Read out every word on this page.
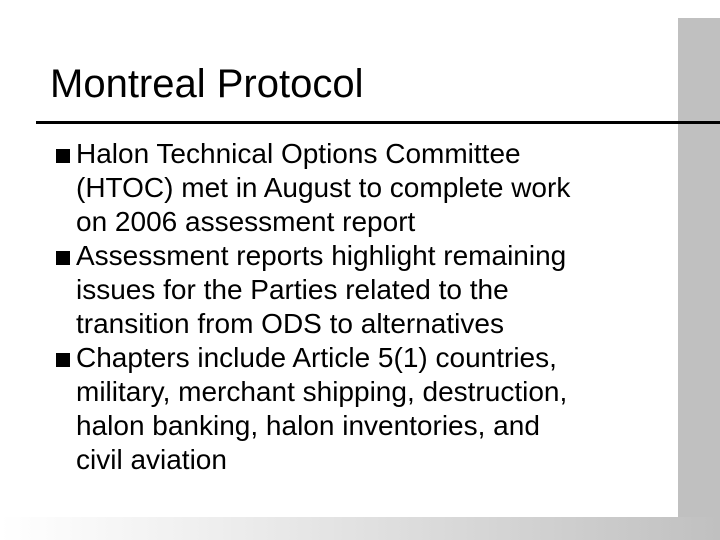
Montreal Protocol
Halon Technical Options Committee
(HTOC) met in August to complete work
on 2006 assessment report
Assessment reports highlight remaining
issues for the Parties related to the
transition from ODS to alternatives
Chapters include Article 5(1) countries,
military, merchant shipping, destruction,
halon banking, halon inventories, and
civil aviation
